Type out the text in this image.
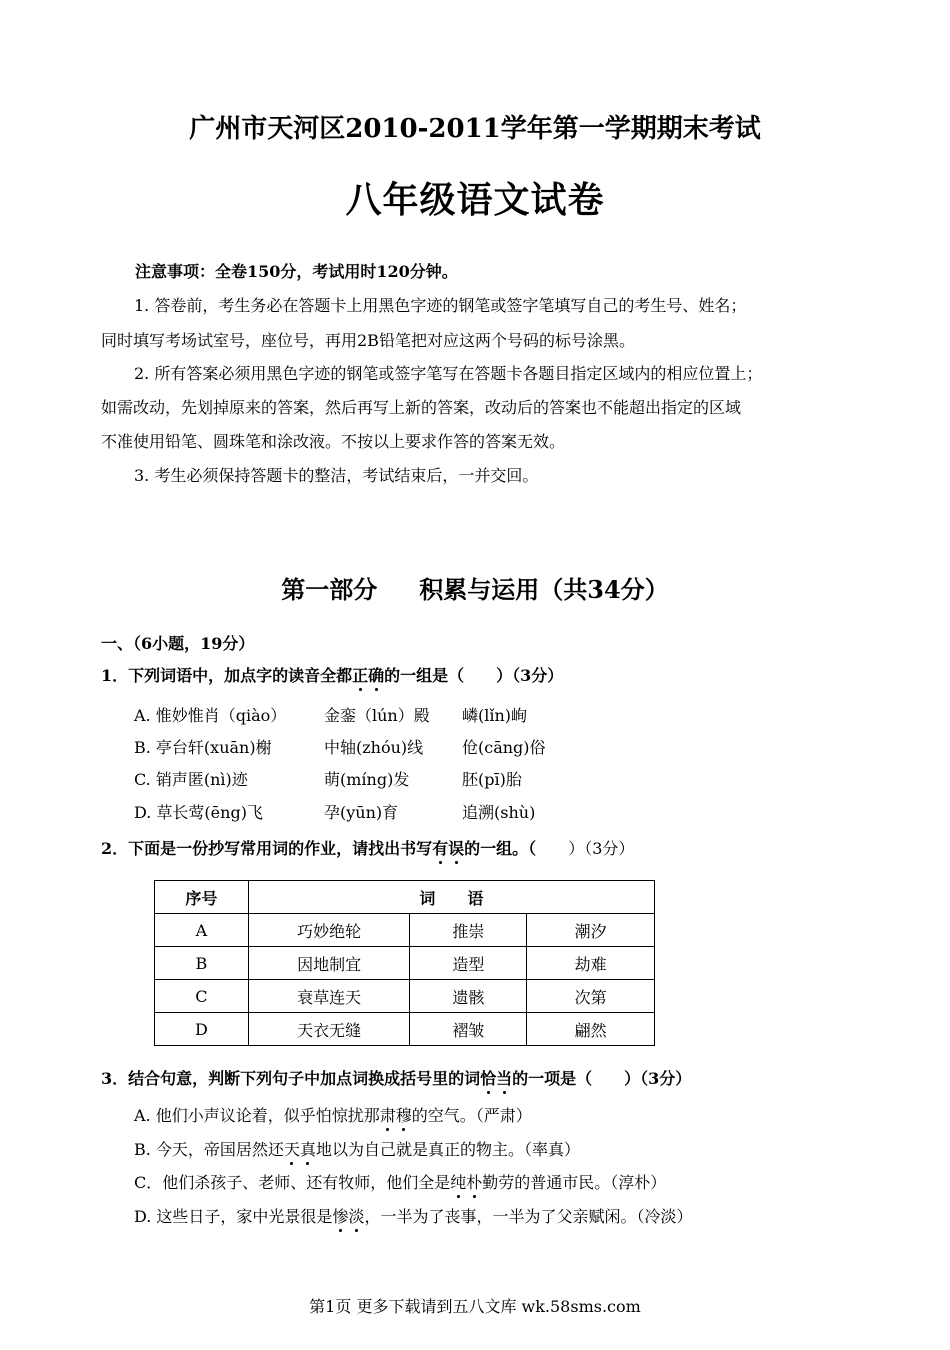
广州市天河区2010-2011学年第一学期期末考试
八年级语文试卷
注意事项：全卷150分，考试用时120分钟。
1. 答卷前，考生务必在答题卡上用黑色字迹的钢笔或签字笔填写自己的考生号、姓名；
同时填写考场试室号，座位号，再用2B铅笔把对应这两个号码的标号涂黑。
2. 所有答案必须用黑色字迹的钢笔或签字笔写在答题卡各题目指定区域内的相应位置上；
如需改动，先划掉原来的答案，然后再写上新的答案，改动后的答案也不能超出指定的区域
不准使用铅笔、圆珠笔和涂改液。不按以上要求作答的答案无效。
3. 考生必须保持答题卡的整洁，考试结束后，一并交回。
第一部分 积累与运用（共34分）
一、（6小题，19分）
1．下列词语中，加点字的读音全都正确的一组是（　　）（3分）
A. 惟妙惟肖（qiào） 金銮（lún）殿 嶙(lǐn)峋
B. 亭台轩(xuān)榭	中轴(zhóu)线 伧(cāng)俗
C. 销声匿(nì)迹	萌(míng)发	胚(pī)胎
D. 草长莺(ēng)飞	孕(yūn)育	追溯(shù)
2．下面是一份抄写常用词的作业，请找出书写有误的一组。（　　）（3分）
序号	词　　语		
A	巧妙绝轮	推崇	潮汐
B	因地制宜	造型	劫难
C	衰草连天	遗骸	次第
D	天衣无缝	褶皱	翩然
3．结合句意，判断下列句子中加点词换成括号里的词恰当的一项是（　　）（3分）
A. 他们小声议论着，似乎怕惊扰那肃穆的空气。（严肃）
B. 今天，帝国居然还天真地以为自己就是真正的物主。（率真）
C．他们杀孩子、老师、还有牧师，他们全是纯朴勤劳的普通市民。（淳朴）
D. 这些日子，家中光景很是惨淡，一半为了丧事，一半为了父亲赋闲。（冷淡）
第1页 更多下载请到五八文库 wk.58sms.com
